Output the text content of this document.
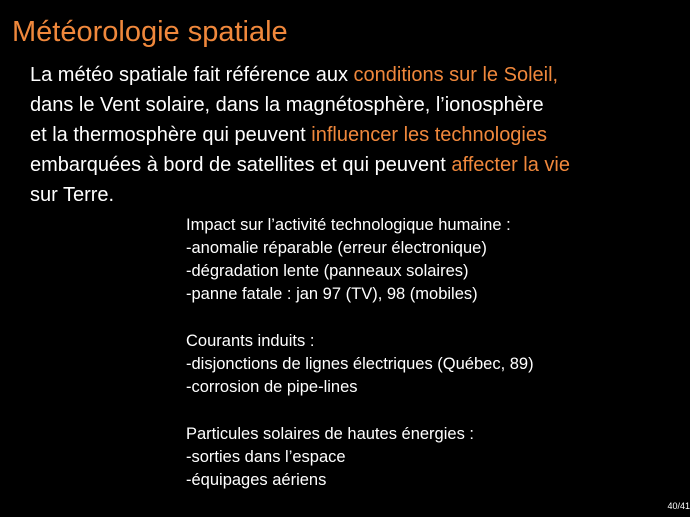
Météorologie spatiale
La météo spatiale fait référence aux conditions sur le Soleil,
dans le Vent solaire, dans la magnétosphère, l’ionosphère
et la thermosphère qui peuvent influencer les technologies
embarquées à bord de satellites et qui peuvent affecter la vie
sur Terre.
Impact sur l’activité technologique humaine :
-anomalie réparable (erreur électronique)
-dégradation lente (panneaux solaires)
-panne fatale : jan 97 (TV), 98 (mobiles)
Courants induits :
-disjonctions de lignes électriques (Québec, 89)
-corrosion de pipe-lines
Particules solaires de hautes énergies :
-sorties dans l’espace
-équipages aériens
40/41
